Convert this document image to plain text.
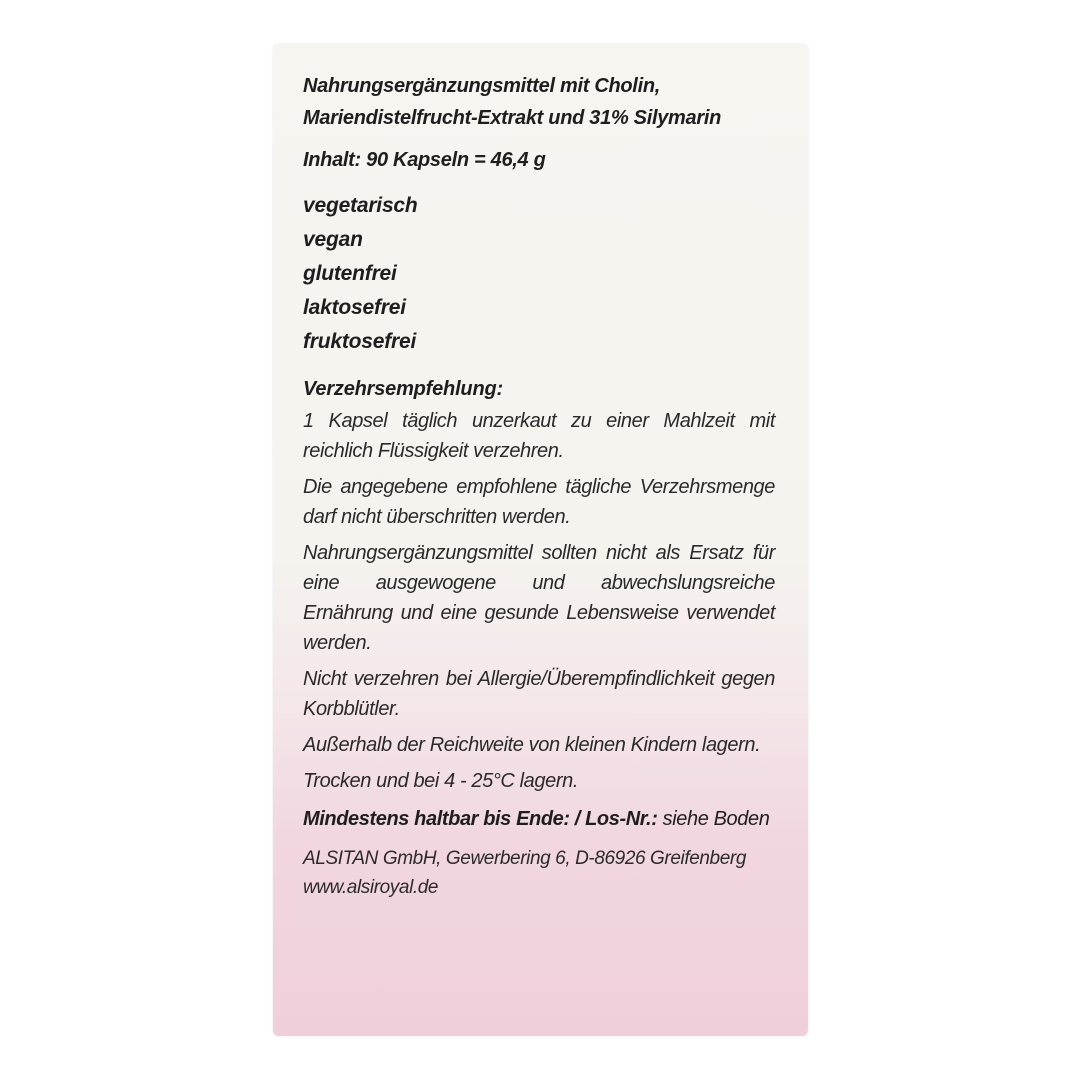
Nahrungsergänzungsmittel mit Cholin, Mariendistelfrucht-Extrakt und 31% Silymarin

Inhalt: 90 Kapseln = 46,4 g

vegetarisch
vegan
glutenfrei
laktosefrei
fruktosefrei

Verzehrsempfehlung:

1 Kapsel täglich unzerkaut zu einer Mahlzeit mit reichlich Flüssigkeit verzehren.

Die angegebene empfohlene tägliche Verzehrsmenge darf nicht überschritten werden.

Nahrungsergänzungsmittel sollten nicht als Ersatz für eine ausgewogene und abwechslungsreiche Ernährung und eine gesunde Lebensweise verwendet werden.

Nicht verzehren bei Allergie/Überempfindlichkeit gegen Korbblütler.

Außerhalb der Reichweite von kleinen Kindern lagern.

Trocken und bei 4 - 25°C lagern.

Mindestens haltbar bis Ende: / Los-Nr.: siehe Boden

ALSITAN GmbH, Gewerbering 6, D-86926 Greifenberg
www.alsiroyal.de
